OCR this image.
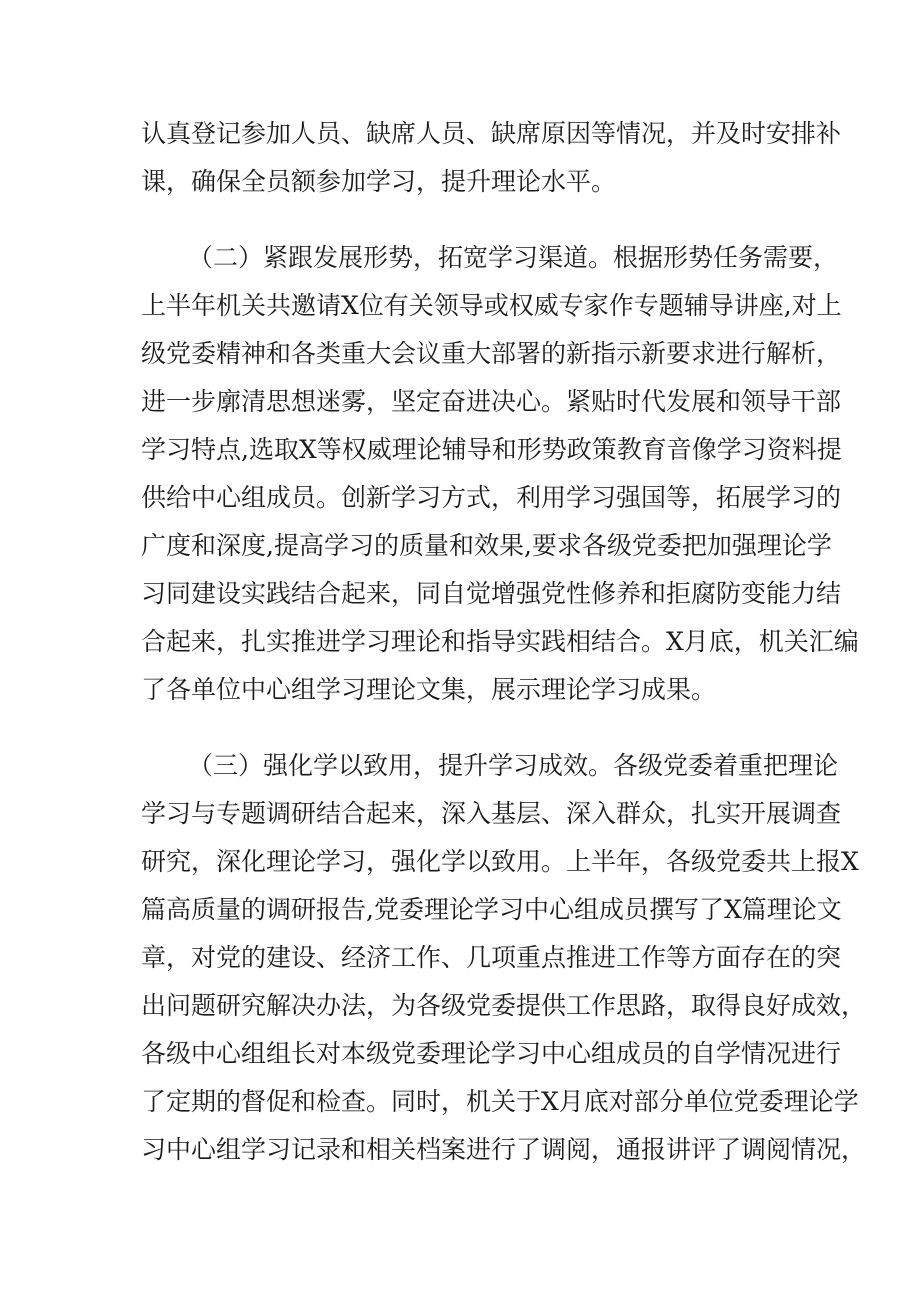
认真登记参加人员、缺席人员、缺席原因等情况，并及时安排补
课，确保全员额参加学习，提升理论水平。
（二）紧跟发展形势，拓宽学习渠道。根据形势任务需要，
上半年机关共邀请X位有关领导或权威专家作专题辅导讲座,对上
级党委精神和各类重大会议重大部署的新指示新要求进行解析，
进一步廓清思想迷雾，坚定奋进决心。紧贴时代发展和领导干部
学习特点,选取X等权威理论辅导和形势政策教育音像学习资料提
供给中心组成员。创新学习方式，利用学习强国等，拓展学习的
广度和深度,提高学习的质量和效果,要求各级党委把加强理论学
习同建设实践结合起来，同自觉增强党性修养和拒腐防变能力结
合起来，扎实推进学习理论和指导实践相结合。X月底，机关汇编
了各单位中心组学习理论文集，展示理论学习成果。
（三）强化学以致用，提升学习成效。各级党委着重把理论
学习与专题调研结合起来，深入基层、深入群众，扎实开展调查
研究，深化理论学习，强化学以致用。上半年，各级党委共上报X
篇高质量的调研报告,党委理论学习中心组成员撰写了X篇理论文
章，对党的建设、经济工作、几项重点推进工作等方面存在的突
出问题研究解决办法，为各级党委提供工作思路，取得良好成效，
各级中心组组长对本级党委理论学习中心组成员的自学情况进行
了定期的督促和检查。同时，机关于X月底对部分单位党委理论学
习中心组学习记录和相关档案进行了调阅，通报讲评了调阅情况，
